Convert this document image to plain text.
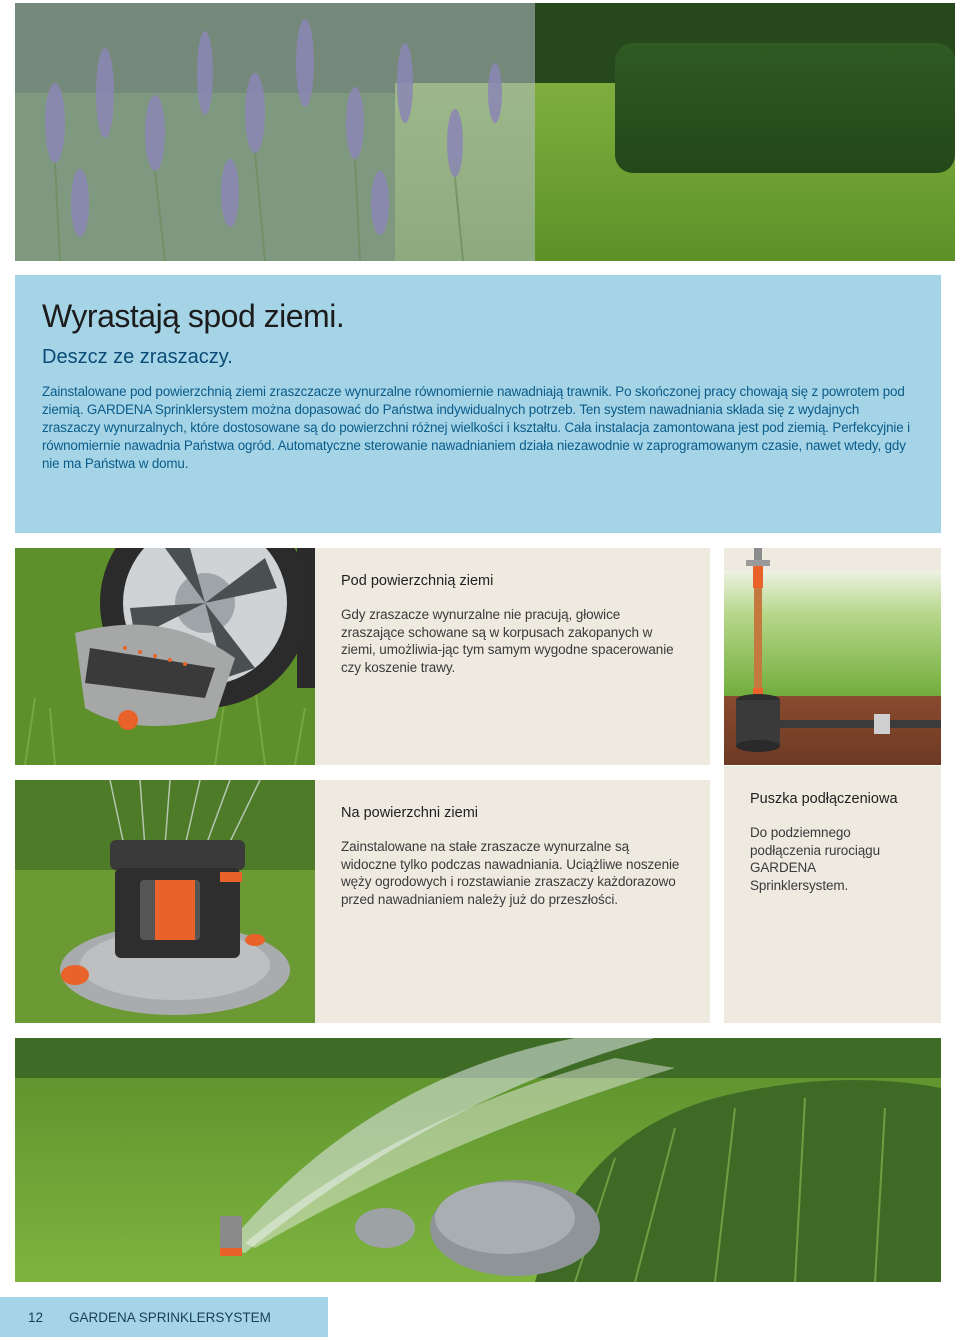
Wyrastają spod ziemi.
Deszcz ze zraszaczy.

Zainstalowane pod powierzchnią ziemi zraszczacze wynurzalne równomiernie nawadniają trawnik. Po skończonej pracy chowają się z powrotem pod ziemią. GARDENA Sprinklersystem można dopasować do Państwa indywidualnych potrzeb. Ten system nawadniania składa się z wydajnych zraszaczy wynurzalnych, które dostosowane są do powierzchni różnej wielkości i kształtu. Cała instalacja zamontowana jest pod ziemią. Perfekcyjnie i równomiernie nawadnia Państwa ogród. Automatyczne sterowanie nawadnianiem działa niezawodnie w zaprogramowanym czasie, nawet wtedy, gdy nie ma Państwa w domu.

Pod powierzchnią ziemi

Gdy zraszacze wynurzalne nie pracują, głowice zraszające schowane są w korpusach zakopanych w ziemi, umożliwia-jąc tym samym wygodne spacerowanie czy koszenie trawy.

Na powierzchni ziemi

Zainstalowane na stałe zraszacze wynurzalne są widoczne tylko podczas nawadniania. Uciążliwe noszenie węży ogrodowych i rozstawianie zraszaczy każdorazowo przed nawadnianiem należy już do przeszłości.

Puszka podłączeniowa

Do podziemnego podłączenia rurociągu GARDENA Sprinklersystem.

12 GARDENA SPRINKLERSYSTEM
